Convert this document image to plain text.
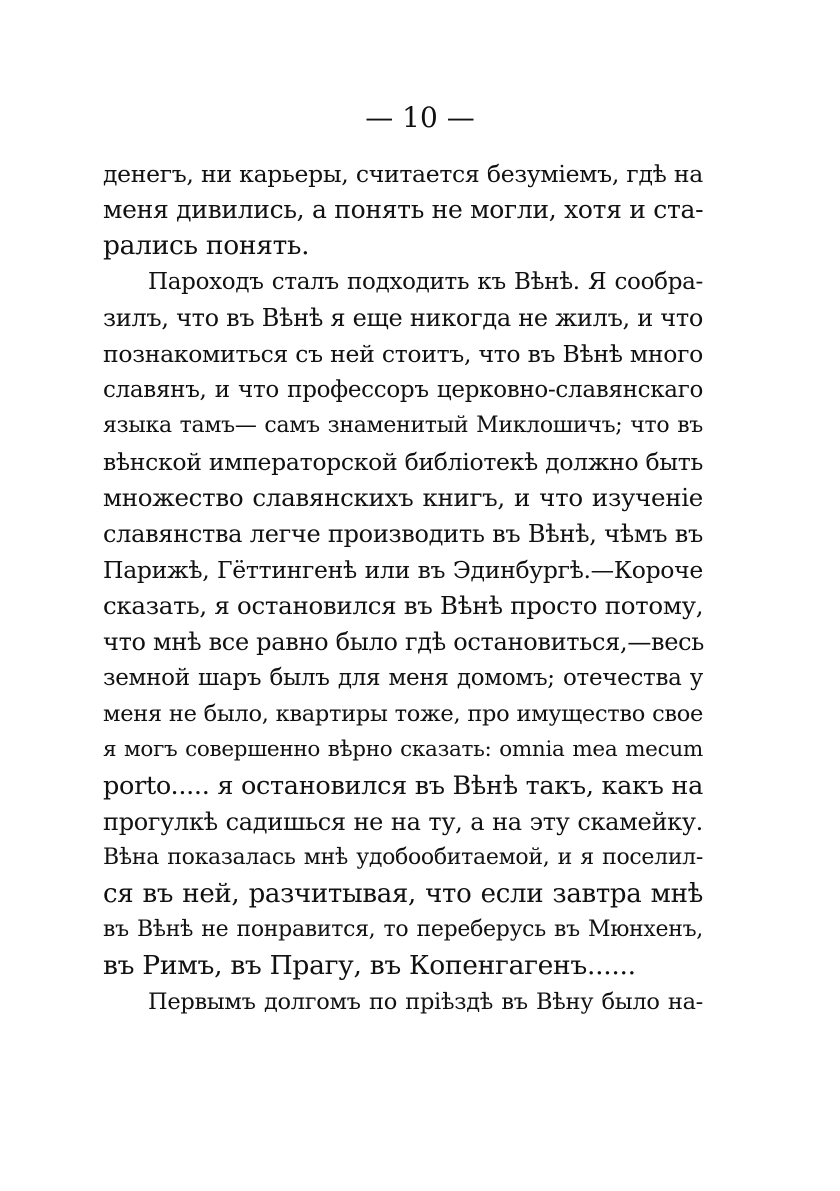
— 10 —
денегъ, ни карьеры, считается безуміемъ, гдѣ на
меня дивились, а понять не могли, хотя и ста-
рались понять.
Пароходъ сталъ подходить къ Вѣнѣ. Я сообра-
зилъ, что въ Вѣнѣ я еще никогда не жилъ, и что
познакомиться съ ней стоитъ, что въ Вѣнѣ много
славянъ, и что профессоръ церковно-славянскаго
языка тамъ— самъ знаменитый Миклошичъ; что въ
вѣнской императорской библіотекѣ должно быть
множество славянскихъ книгъ, и что изученіе
славянства легче производить въ Вѣнѣ, чѣмъ въ
Парижѣ, Гёттингенѣ или въ Эдинбургѣ.—Короче
сказать, я остановился въ Вѣнѣ просто потому,
что мнѣ все равно было гдѣ остановиться,—весь
земной шаръ былъ для меня домомъ; отечества у
меня не было, квартиры тоже, про имущество свое
я могъ совершенно вѣрно сказать: omnia mea mecum
porto..... я остановился въ Вѣнѣ такъ, какъ на
прогулкѣ садишься не на ту, а на эту скамейку.
Вѣна показалась мнѣ удобообитаемой, и я поселил-
ся въ ней, разчитывая, что если завтра мнѣ
въ Вѣнѣ не понравится, то переберусь въ Мюнхенъ,
въ Римъ, въ Прагу, въ Копенгагенъ......
Первымъ долгомъ по пріѣздѣ въ Вѣну было на-
